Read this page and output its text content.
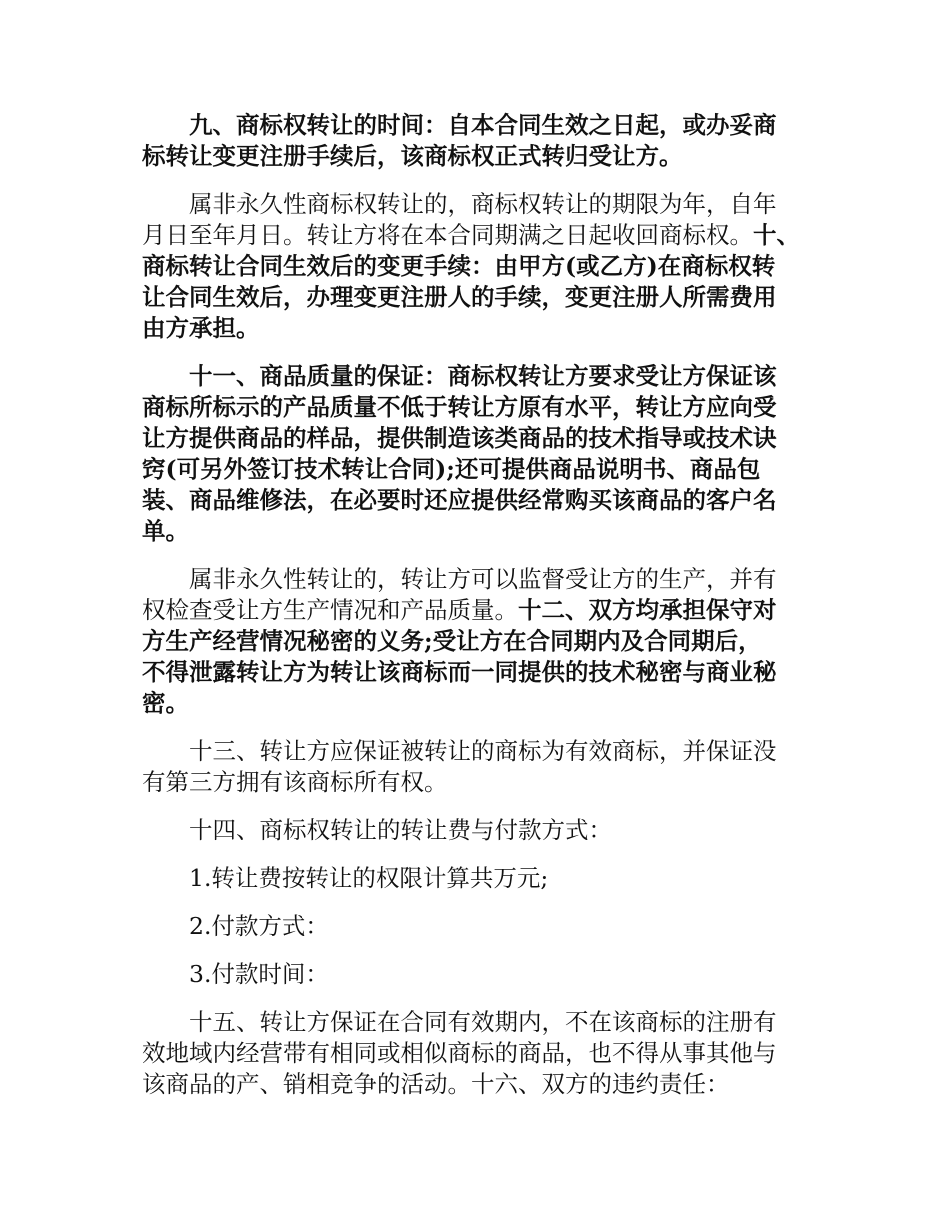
九、商标权转让的时间：自本合同生效之日起，或办妥商
标转让变更注册手续后，该商标权正式转归受让方。
属非永久性商标权转让的，商标权转让的期限为年，自年
月日至年月日。转让方将在本合同期满之日起收回商标权。十、
商标转让合同生效后的变更手续：由甲方(或乙方)在商标权转
让合同生效后，办理变更注册人的手续，变更注册人所需费用
由方承担。
十一、商品质量的保证：商标权转让方要求受让方保证该
商标所标示的产品质量不低于转让方原有水平，转让方应向受
让方提供商品的样品，提供制造该类商品的技术指导或技术诀
窍(可另外签订技术转让合同);还可提供商品说明书、商品包
装、商品维修法，在必要时还应提供经常购买该商品的客户名
单。
属非永久性转让的，转让方可以监督受让方的生产，并有
权检查受让方生产情况和产品质量。十二、双方均承担保守对
方生产经营情况秘密的义务;受让方在合同期内及合同期后，
不得泄露转让方为转让该商标而一同提供的技术秘密与商业秘
密。
十三、转让方应保证被转让的商标为有效商标，并保证没
有第三方拥有该商标所有权。
十四、商标权转让的转让费与付款方式：
1.转让费按转让的权限计算共万元;
2.付款方式：
3.付款时间：
十五、转让方保证在合同有效期内，不在该商标的注册有
效地域内经营带有相同或相似商标的商品，也不得从事其他与
该商品的产、销相竞争的活动。十六、双方的违约责任：
